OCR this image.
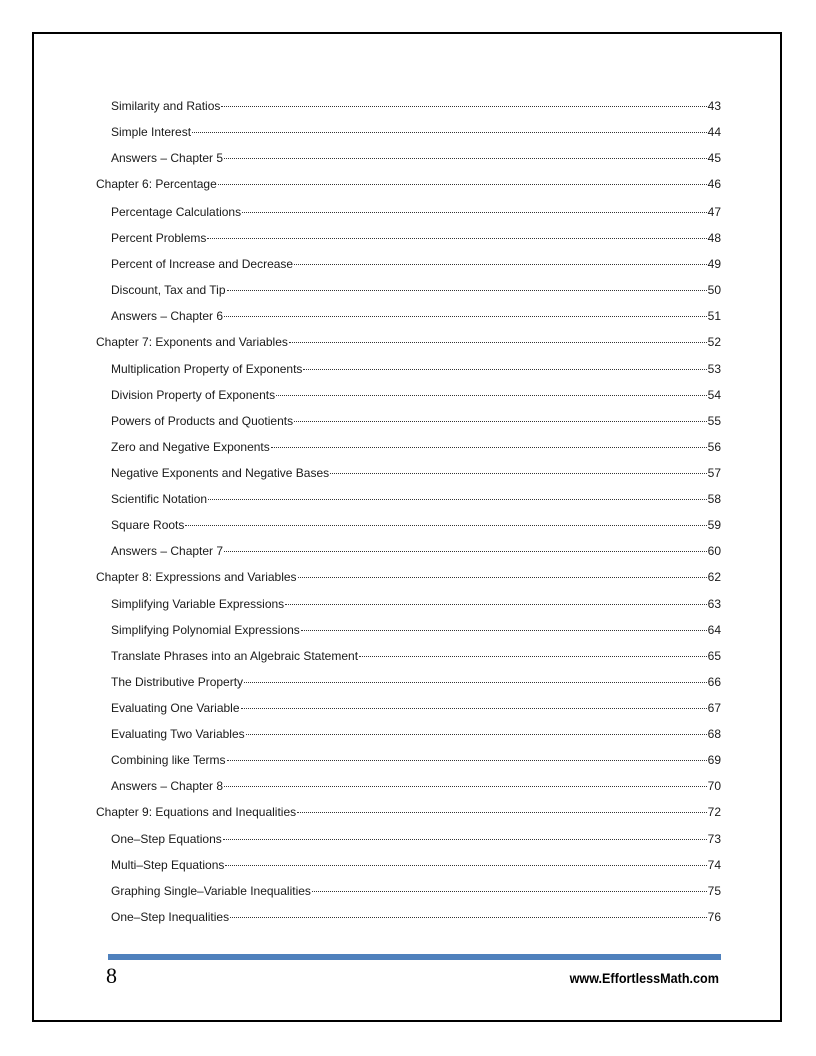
Similarity and Ratios	43
Simple Interest	44
Answers – Chapter 5	45
Chapter 6: Percentage	46
Percentage Calculations	47
Percent Problems	48
Percent of Increase and Decrease	49
Discount, Tax and Tip	50
Answers – Chapter 6	51
Chapter 7: Exponents and Variables	52
Multiplication Property of Exponents	53
Division Property of Exponents	54
Powers of Products and Quotients	55
Zero and Negative Exponents	56
Negative Exponents and Negative Bases	57
Scientific Notation	58
Square Roots	59
Answers – Chapter 7	60
Chapter 8: Expressions and Variables	62
Simplifying Variable Expressions	63
Simplifying Polynomial Expressions	64
Translate Phrases into an Algebraic Statement	65
The Distributive Property	66
Evaluating One Variable	67
Evaluating Two Variables	68
Combining like Terms	69
Answers – Chapter 8	70
Chapter 9: Equations and Inequalities	72
One–Step Equations	73
Multi–Step Equations	74
Graphing Single–Variable Inequalities	75
One–Step Inequalities	76
8	www.EffortlessMath.com
